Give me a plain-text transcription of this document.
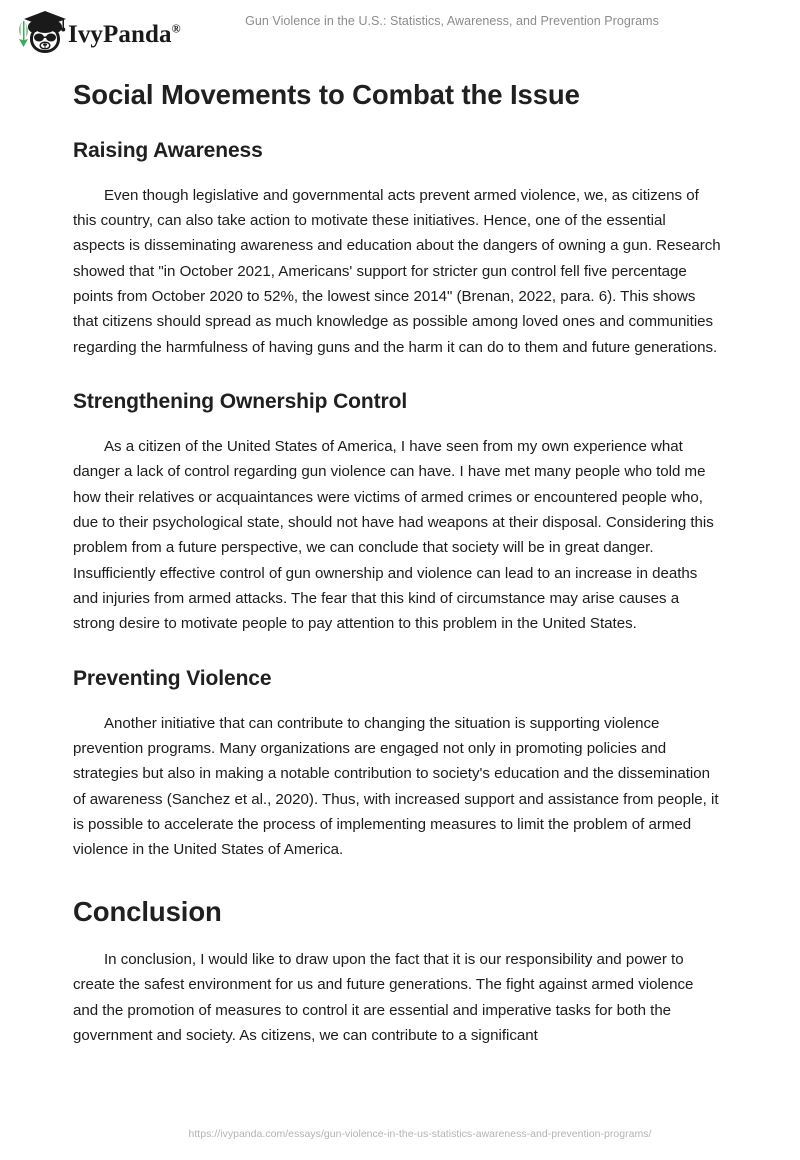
IvyPanda®
Gun Violence in the U.S.: Statistics, Awareness, and Prevention Programs
Social Movements to Combat the Issue
Raising Awareness

Even though legislative and governmental acts prevent armed violence, we, as citizens of this country, can also take action to motivate these initiatives. Hence, one of the essential aspects is disseminating awareness and education about the dangers of owning a gun. Research showed that "in October 2021, Americans' support for stricter gun control fell five percentage points from October 2020 to 52%, the lowest since 2014" (Brenan, 2022, para. 6). This shows that citizens should spread as much knowledge as possible among loved ones and communities regarding the harmfulness of having guns and the harm it can do to them and future generations.

Strengthening Ownership Control

As a citizen of the United States of America, I have seen from my own experience what danger a lack of control regarding gun violence can have. I have met many people who told me how their relatives or acquaintances were victims of armed crimes or encountered people who, due to their psychological state, should not have had weapons at their disposal. Considering this problem from a future perspective, we can conclude that society will be in great danger. Insufficiently effective control of gun ownership and violence can lead to an increase in deaths and injuries from armed attacks. The fear that this kind of circumstance may arise causes a strong desire to motivate people to pay attention to this problem in the United States.

Preventing Violence

Another initiative that can contribute to changing the situation is supporting violence prevention programs. Many organizations are engaged not only in promoting policies and strategies but also in making a notable contribution to society's education and the dissemination of awareness (Sanchez et al., 2020). Thus, with increased support and assistance from people, it is possible to accelerate the process of implementing measures to limit the problem of armed violence in the United States of America.

Conclusion

In conclusion, I would like to draw upon the fact that it is our responsibility and power to create the safest environment for us and future generations. The fight against armed violence and the promotion of measures to control it are essential and imperative tasks for both the government and society. As citizens, we can contribute to a significant

https://ivypanda.com/essays/gun-violence-in-the-us-statistics-awareness-and-prevention-programs/
